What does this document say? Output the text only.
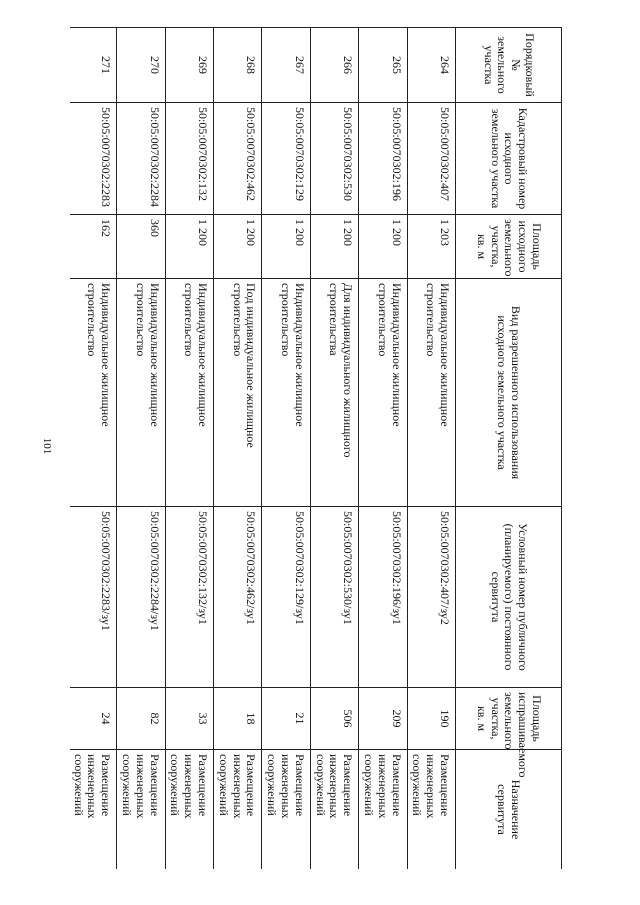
101
Порядковый № земельного участка	Кадастровый номер исходного земельного участка	Площадь исходного земельного участка, кв. м	Вид разрешенного использования исходного земельного участка	Условный номер публичного (планируемого) постоянного сервитута	Площадь испрашиваемого земельного участка, кв. м	Назначение сервитута
264	50:05:0070302:407	1 203	Индивидуальное жилищное строительство	50:05:0070302:407/зу2	190	Размещение инженерных сооружений
265	50:05:0070302:196	1 200	Индивидуальное жилищное строительство	50:05:0070302:196/зу1	209	Размещение инженерных сооружений
266	50:05:0070302:530	1 200	Для индивидуального жилищного строительства	50:05:0070302:530/зу1	506	Размещение инженерных сооружений
267	50:05:0070302:129	1 200	Индивидуальное жилищное строительство	50:05:0070302:129/зу1	21	Размещение инженерных сооружений
268	50:05:0070302:462	1 200	Под индивидуальное жилищное строительство	50:05:0070302:462/зу1	18	Размещение инженерных сооружений
269	50:05:0070302:132	1 200	Индивидуальное жилищное строительство	50:05:0070302:132/зу1	33	Размещение инженерных сооружений
270	50:05:0070302:2284	360	Индивидуальное жилищное строительство	50:05:0070302:2284/зу1	82	Размещение инженерных сооружений
271	50:05:0070302:2283	162	Индивидуальное жилищное строительство	50:05:0070302:2283/зу1	24	Размещение инженерных сооружений
